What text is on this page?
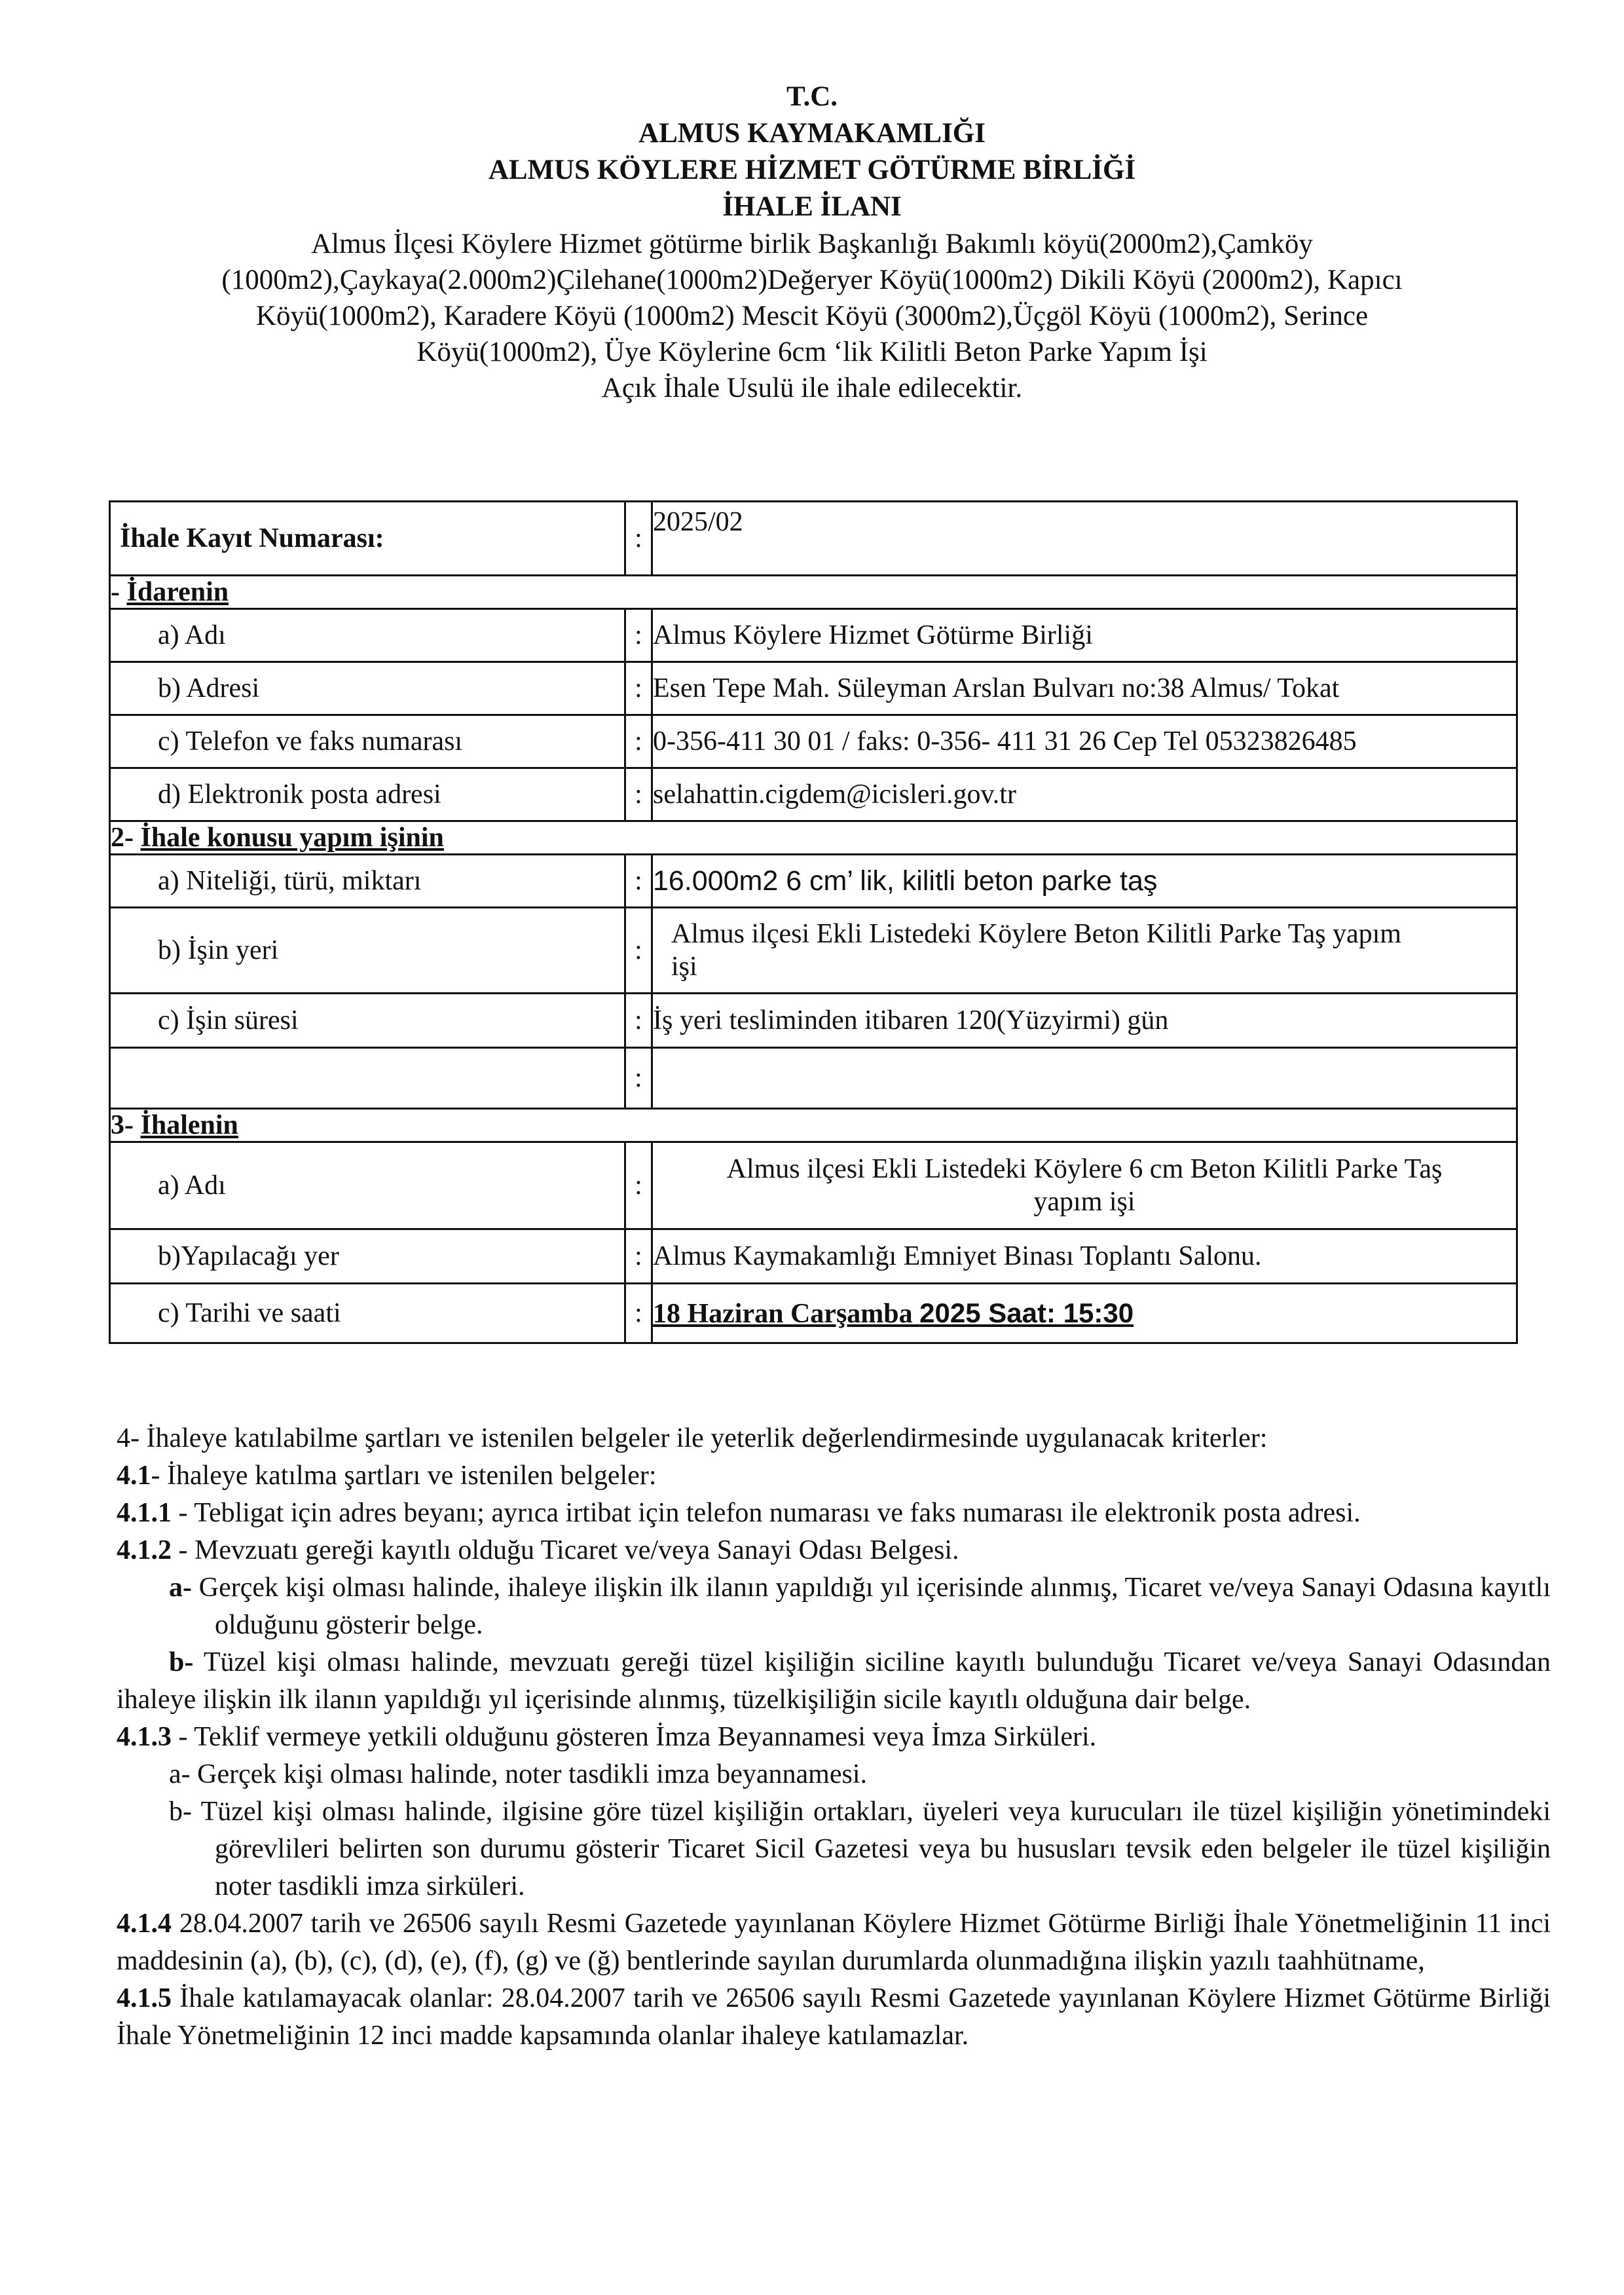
T.C.
ALMUS KAYMAKAMLIĞI
ALMUS KÖYLERE HİZMET GÖTÜRME BİRLİĞİ
İHALE İLANI
Almus İlçesi Köylere Hizmet götürme birlik Başkanlığı Bakımlı köyü(2000m2),Çamköy
(1000m2),Çaykaya(2.000m2)Çilehane(1000m2)Değeryer Köyü(1000m2) Dikili Köyü (2000m2), Kapıcı
Köyü(1000m2), Karadere Köyü (1000m2) Mescit Köyü (3000m2),Üçgöl Köyü (1000m2), Serince
Köyü(1000m2), Üye Köylerine 6cm ‘lik Kilitli Beton Parke Yapım İşi
Açık İhale Usulü ile ihale edilecektir.
İhale Kayıt Numarası:	:	2025/02
- İdarenin		
a) Adı	:	Almus Köylere Hizmet Götürme Birliği
b) Adresi	:	Esen Tepe Mah. Süleyman Arslan Bulvarı no:38 Almus/ Tokat
c) Telefon ve faks numarası	:	0-356-411 30 01 / faks: 0-356- 411 31 26 Cep Tel 05323826485
d) Elektronik posta adresi	:	selahattin.cigdem@icisleri.gov.tr
2- İhale konusu yapım işinin		
a) Niteliği, türü, miktarı	:	16.000m2 6 cm’ lik, kilitli beton parke taş
b) İşin yeri	:	Almus ilçesi Ekli Listedeki Köylere Beton Kilitli Parke Taş yapım
işi

c) İşin süresi	:	İş yeri tesliminden itibaren 120(Yüzyirmi) gün
	:	
3- İhalenin		
a) Adı	:	Almus ilçesi Ekli Listedeki Köylere 6 cm Beton Kilitli Parke Taş
yapım işi

b)Yapılacağı yer	:	Almus Kaymakamlığı Emniyet Binası Toplantı Salonu.
c) Tarihi ve saati	:	18 Haziran Carşamba 2025 Saat: 15:30

4- İhaleye katılabilme şartları ve istenilen belgeler ile yeterlik değerlendirmesinde uygulanacak kriterler:

4.1- İhaleye katılma şartları ve istenilen belgeler:

4.1.1 - Tebligat için adres beyanı; ayrıca irtibat için telefon numarası ve faks numarası ile elektronik posta adresi.

4.1.2 - Mevzuatı gereği kayıtlı olduğu Ticaret ve/veya Sanayi Odası Belgesi.

a- Gerçek kişi olması halinde, ihaleye ilişkin ilk ilanın yapıldığı yıl içerisinde alınmış, Ticaret ve/veya Sanayi Odasına kayıtlı olduğunu gösterir belge.

b- Tüzel kişi olması halinde, mevzuatı gereği tüzel kişiliğin siciline kayıtlı bulunduğu Ticaret ve/veya Sanayi Odasından ihaleye ilişkin ilk ilanın yapıldığı yıl içerisinde alınmış, tüzelkişiliğin sicile kayıtlı olduğuna dair belge.

4.1.3 - Teklif vermeye yetkili olduğunu gösteren İmza Beyannamesi veya İmza Sirküleri.

a- Gerçek kişi olması halinde, noter tasdikli imza beyannamesi.

b- Tüzel kişi olması halinde, ilgisine göre tüzel kişiliğin ortakları, üyeleri veya kurucuları ile tüzel kişiliğin yönetimindeki görevlileri belirten son durumu gösterir Ticaret Sicil Gazetesi veya bu hususları tevsik eden belgeler ile tüzel kişiliğin noter tasdikli imza sirküleri.

4.1.4 28.04.2007 tarih ve 26506 sayılı Resmi Gazetede yayınlanan Köylere Hizmet Götürme Birliği İhale Yönetmeliğinin 11 inci maddesinin (a), (b), (c), (d), (e), (f), (g) ve (ğ) bentlerinde sayılan durumlarda olunmadığına ilişkin yazılı taahhütname,

4.1.5 İhale katılamayacak olanlar: 28.04.2007 tarih ve 26506 sayılı Resmi Gazetede yayınlanan Köylere Hizmet Götürme Birliği İhale Yönetmeliğinin 12 inci madde kapsamında olanlar ihaleye katılamazlar.
